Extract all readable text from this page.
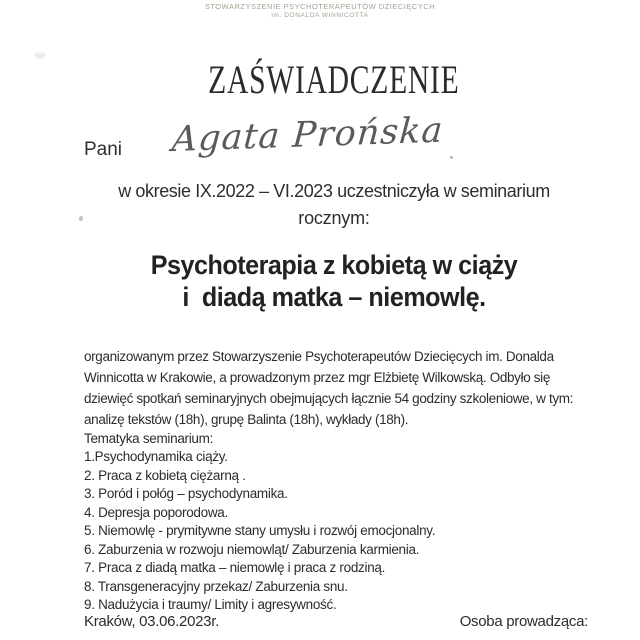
STOWARZYSZENIE PSYCHOTERAPEUTÓW DZIECIĘCYCH
im. DONALDA WINNICOTTA
ZAŚWIADCZENIE
Pani Agata Prońska
w okresie IX.2022 – VI.2023 uczestniczyła w seminarium
rocznym:
Psychoterapia z kobietą w ciąży
i  diadą matka – niemowlę.
organizowanym przez Stowarzyszenie Psychoterapeutów Dziecięcych im. Donalda
Winnicotta w Krakowie, a prowadzonym przez mgr Elżbietę Wilkowską. Odbyło się
dziewięć spotkań seminaryjnych obejmujących łącznie 54 godziny szkoleniowe, w tym:
analizę tekstów (18h), grupę Balinta (18h), wykłady (18h).
Tematyka seminarium:
1.Psychodynamika ciąży.
2. Praca z kobietą ciężarną .
3. Poród i połóg – psychodynamika.
4. Depresja poporodowa.
5. Niemowlę - prymitywne stany umysłu i rozwój emocjonalny.
6. Zaburzenia w rozwoju niemowląt/ Zaburzenia karmienia.
7. Praca z diadą matka – niemowlę i praca z rodziną.
8. Transgeneracyjny przekaz/ Zaburzenia snu.
9. Nadużycia i traumy/ Limity i agresywność.
Kraków, 03.06.2023r.	Osoba prowadząca:
